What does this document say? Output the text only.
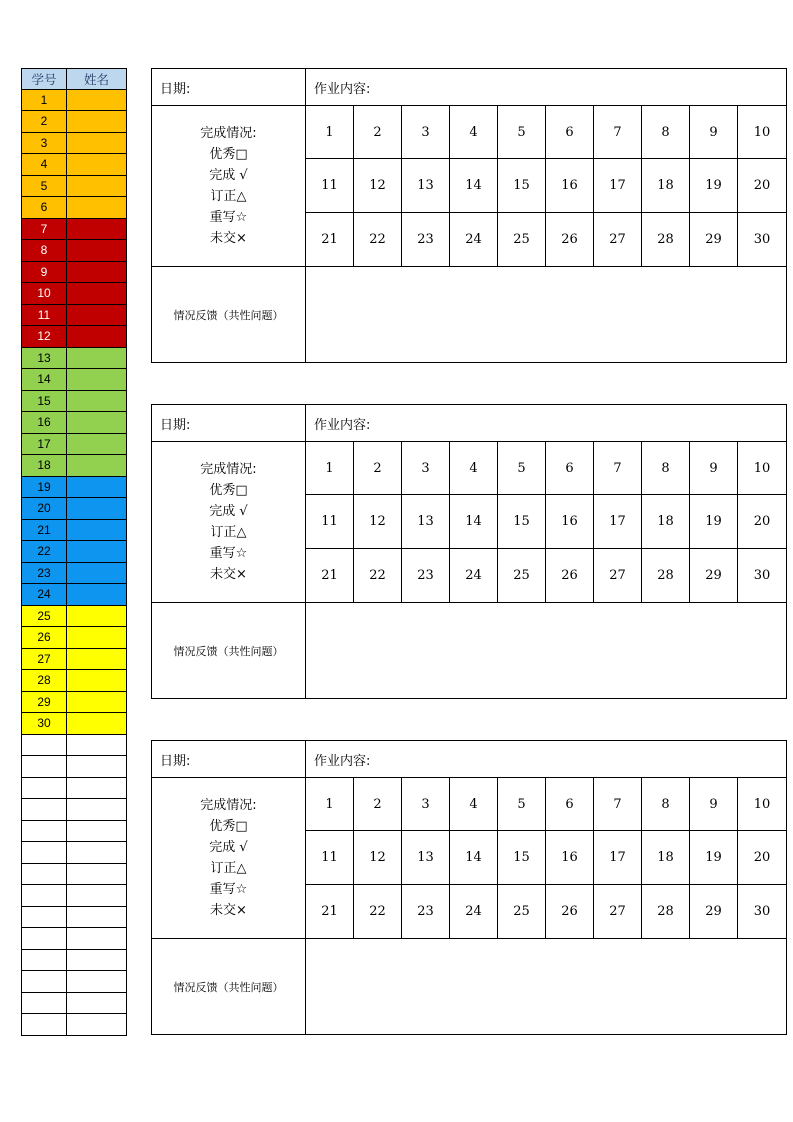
学号	姓名
1
2
3
4
5
6
7
8
9
10
11
12
13
14
15
16
17
18
19
20
21
22
23
24
25
26
27
28
29
30
日期:	作业内容:
完成情况:
优秀□
完成 √
订正△
重写☆
未交×
1	2	3	4	5	6	7	8	9	10
11	12	13	14	15	16	17	18	19	20
21	22	23	24	25	26	27	28	29	30
情况反馈（共性问题）
日期:	作业内容:
完成情况:
优秀□
完成 √
订正△
重写☆
未交×
1	2	3	4	5	6	7	8	9	10
11	12	13	14	15	16	17	18	19	20
21	22	23	24	25	26	27	28	29	30
情况反馈（共性问题）
日期:	作业内容:
完成情况:
优秀□
完成 √
订正△
重写☆
未交×
1	2	3	4	5	6	7	8	9	10
11	12	13	14	15	16	17	18	19	20
21	22	23	24	25	26	27	28	29	30
情况反馈（共性问题）
